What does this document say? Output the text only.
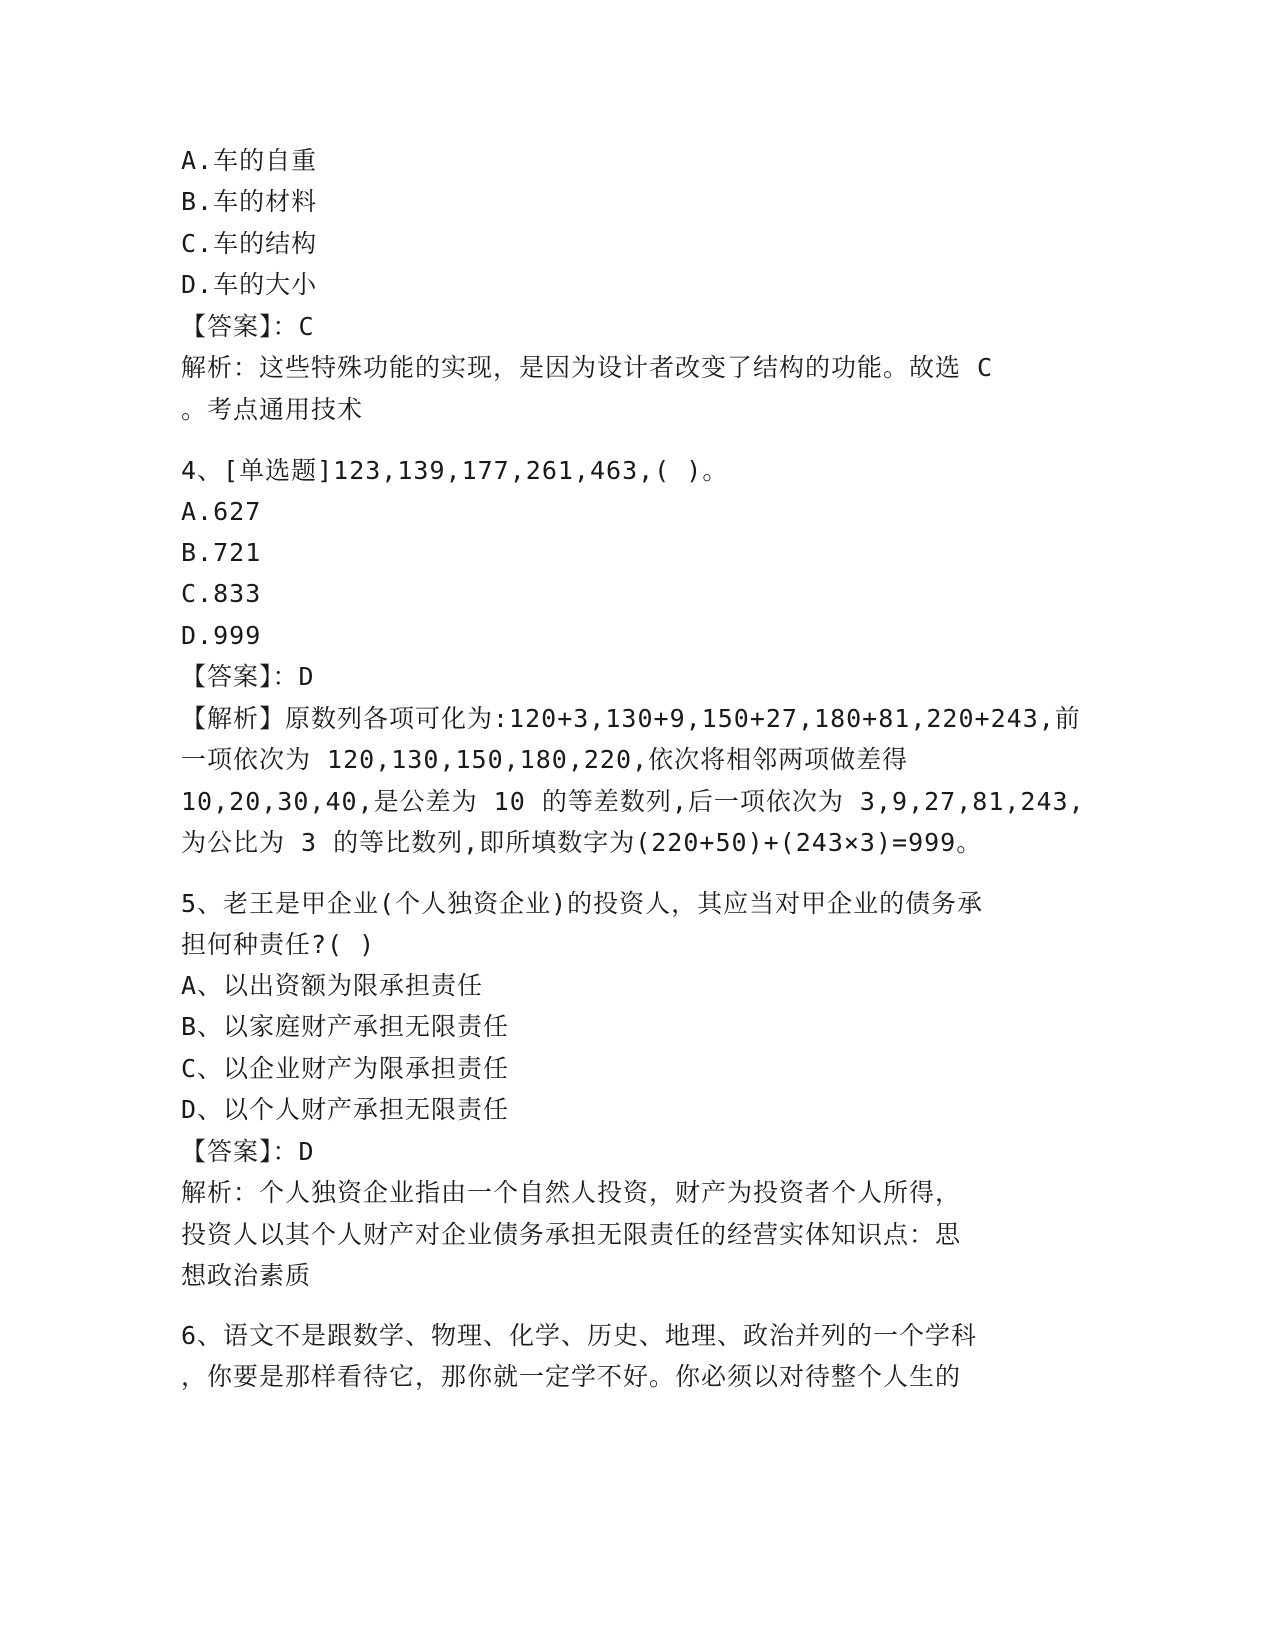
A.车的自重
B.车的材料
C.车的结构
D.车的大小
【答案】：C
解析：这些特殊功能的实现，是因为设计者改变了结构的功能。故选 C
。考点通用技术
4、[单选题]123,139,177,261,463,( )。
A.627
B.721
C.833
D.999
【答案】：D
【解析】原数列各项可化为:120+3,130+9,150+27,180+81,220+243,前
一项依次为 120,130,150,180,220,依次将相邻两项做差得
10,20,30,40,是公差为 10 的等差数列,后一项依次为 3,9,27,81,243,
为公比为 3 的等比数列,即所填数字为(220+50)+(243×3)=999。
5、老王是甲企业(个人独资企业)的投资人，其应当对甲企业的债务承
担何种责任?( )
A、以出资额为限承担责任
B、以家庭财产承担无限责任
C、以企业财产为限承担责任
D、以个人财产承担无限责任
【答案】：D
解析：个人独资企业指由一个自然人投资，财产为投资者个人所得，
投资人以其个人财产对企业债务承担无限责任的经营实体知识点：思
想政治素质
6、语文不是跟数学、物理、化学、历史、地理、政治并列的一个学科
，你要是那样看待它，那你就一定学不好。你必须以对待整个人生的
